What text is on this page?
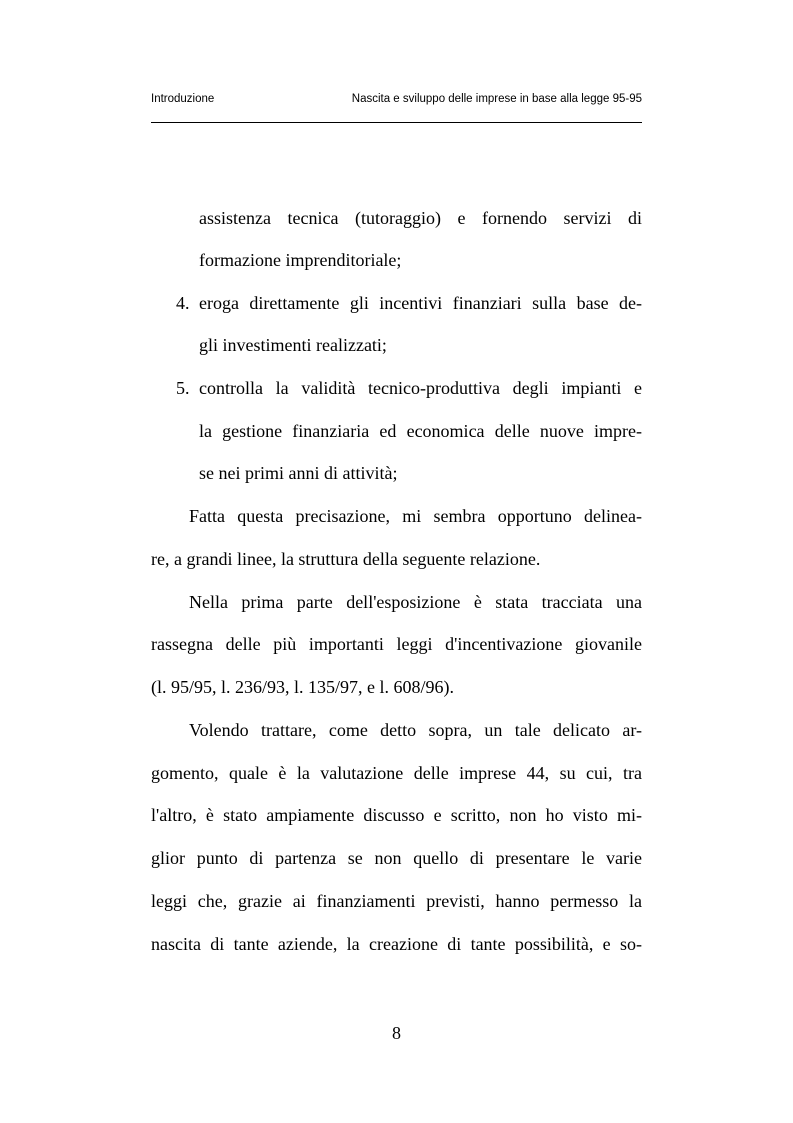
Introduzione	Nascita e sviluppo delle imprese in base alla legge 95-95
assistenza tecnica (tutoraggio) e fornendo servizi di
formazione imprenditoriale;
4. eroga direttamente gli incentivi finanziari sulla base de-
gli investimenti realizzati;
5. controlla la validità tecnico-produttiva degli impianti e
la gestione finanziaria ed economica delle nuove impre-
se nei primi anni di attività;
Fatta questa precisazione, mi sembra opportuno delinea-
re, a grandi linee, la struttura della seguente relazione.
Nella prima parte dell'esposizione è stata tracciata una
rassegna delle più importanti leggi d'incentivazione giovanile
(l. 95/95, l. 236/93, l. 135/97, e l. 608/96).
Volendo trattare, come detto sopra, un tale delicato ar-
gomento, quale è la valutazione delle imprese 44, su cui, tra
l'altro, è stato ampiamente discusso e scritto, non ho visto mi-
glior punto di partenza se non quello di presentare le varie
leggi che, grazie ai finanziamenti previsti, hanno permesso la
nascita di tante aziende, la creazione di tante possibilità, e so-
8
